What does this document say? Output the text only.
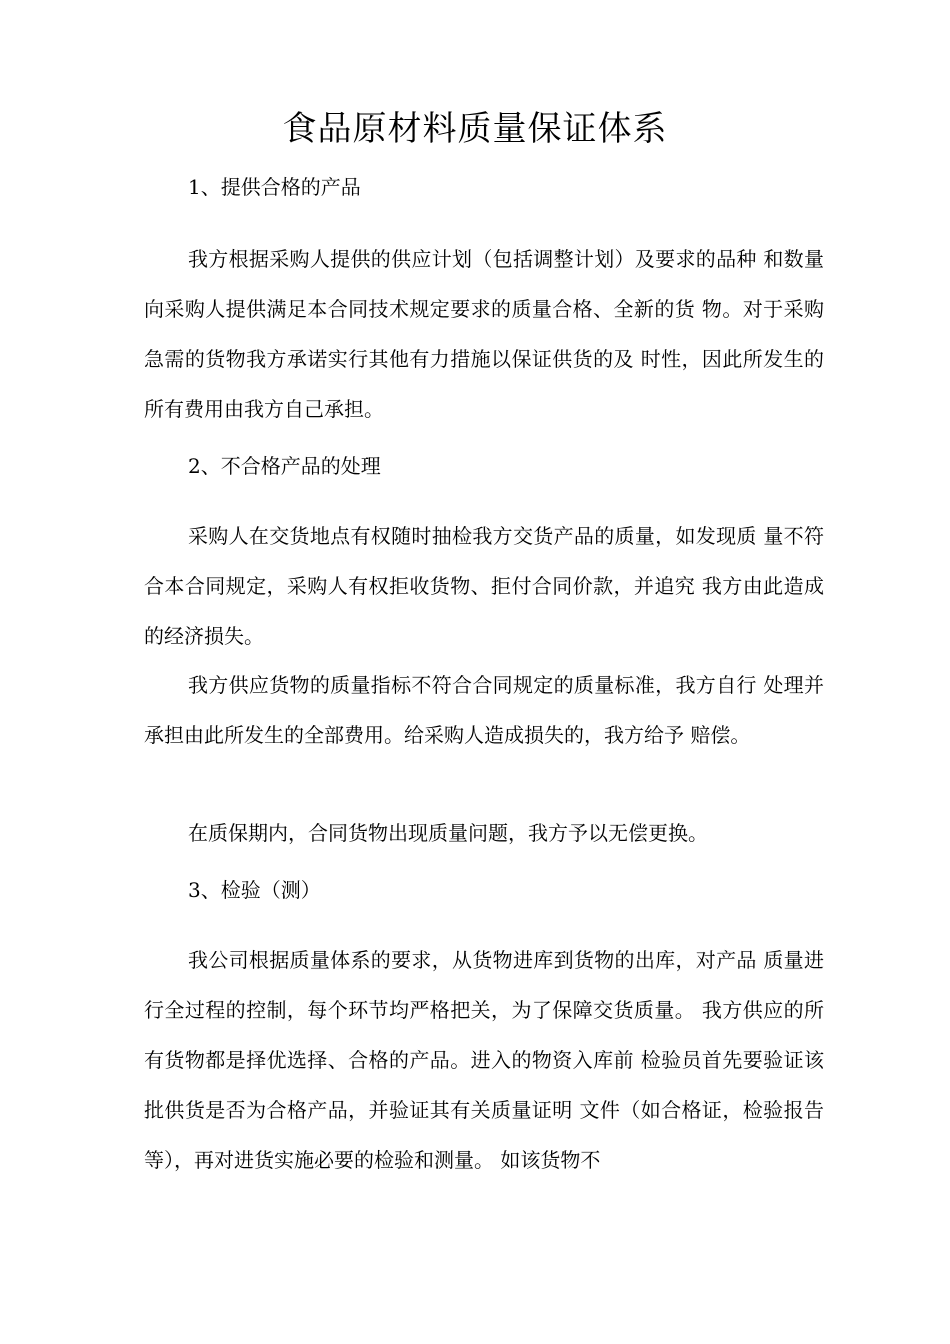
食品原材料质量保证体系
1、提供合格的产品
我方根据采购人提供的供应计划（包括调整计划）及要求的品种 和数量向采购人提供满足本合同技术规定要求的质量合格、全新的货 物。对于采购急需的货物我方承诺实行其他有力措施以保证供货的及 时性，因此所发生的所有费用由我方自己承担。
2、不合格产品的处理
采购人在交货地点有权随时抽检我方交货产品的质量，如发现质 量不符合本合同规定，采购人有权拒收货物、拒付合同价款，并追究 我方由此造成的经济损失。
我方供应货物的质量指标不符合合同规定的质量标准，我方自行 处理并承担由此所发生的全部费用。给采购人造成损失的，我方给予 赔偿。
在质保期内，合同货物出现质量问题，我方予以无偿更换。
3、检验（测）
我公司根据质量体系的要求，从货物进库到货物的出库，对产品 质量进行全过程的控制，每个环节均严格把关，为了保障交货质量。 我方供应的所有货物都是择优选择、合格的产品。进入的物资入库前 检验员首先要验证该批供货是否为合格产品，并验证其有关质量证明 文件（如合格证，检验报告等），再对进货实施必要的检验和测量。 如该货物不
